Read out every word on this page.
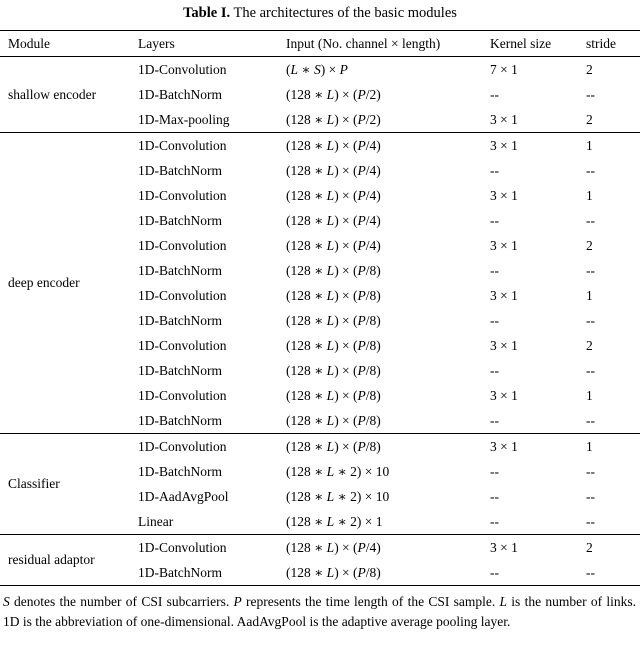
Table I. The architectures of the basic modules
Module	Layers	Input (No. channel × length)	Kernel size	stride
shallow encoder	1D-Convolution	(L ∗ S) × P	7 × 1	2
	1D-BatchNorm	(128 ∗ L) × (P/2)	--	--
	1D-Max-pooling	(128 ∗ L) × (P/2)	3 × 1	2
deep encoder	1D-Convolution	(128 ∗ L) × (P/4)	3 × 1	1
	1D-BatchNorm	(128 ∗ L) × (P/4)	--	--
	1D-Convolution	(128 ∗ L) × (P/4)	3 × 1	1
	1D-BatchNorm	(128 ∗ L) × (P/4)	--	--
	1D-Convolution	(128 ∗ L) × (P/4)	3 × 1	2
	1D-BatchNorm	(128 ∗ L) × (P/8)	--	--
	1D-Convolution	(128 ∗ L) × (P/8)	3 × 1	1
	1D-BatchNorm	(128 ∗ L) × (P/8)	--	--
	1D-Convolution	(128 ∗ L) × (P/8)	3 × 1	2
	1D-BatchNorm	(128 ∗ L) × (P/8)	--	--
	1D-Convolution	(128 ∗ L) × (P/8)	3 × 1	1
	1D-BatchNorm	(128 ∗ L) × (P/8)	--	--
Classifier	1D-Convolution	(128 ∗ L) × (P/8)	3 × 1	1
	1D-BatchNorm	(128 ∗ L ∗ 2) × 10	--	--
	1D-AadAvgPool	(128 ∗ L ∗ 2) × 10	--	--
	Linear	(128 ∗ L ∗ 2) × 1	--	--
residual adaptor	1D-Convolution	(128 ∗ L) × (P/4)	3 × 1	2
	1D-BatchNorm	(128 ∗ L) × (P/8)	--	--
S denotes the number of CSI subcarriers. P represents the time length of the CSI sample. L is the number of links. 1D is the abbreviation of one-dimensional. AadAvgPool is the adaptive average pooling layer.
